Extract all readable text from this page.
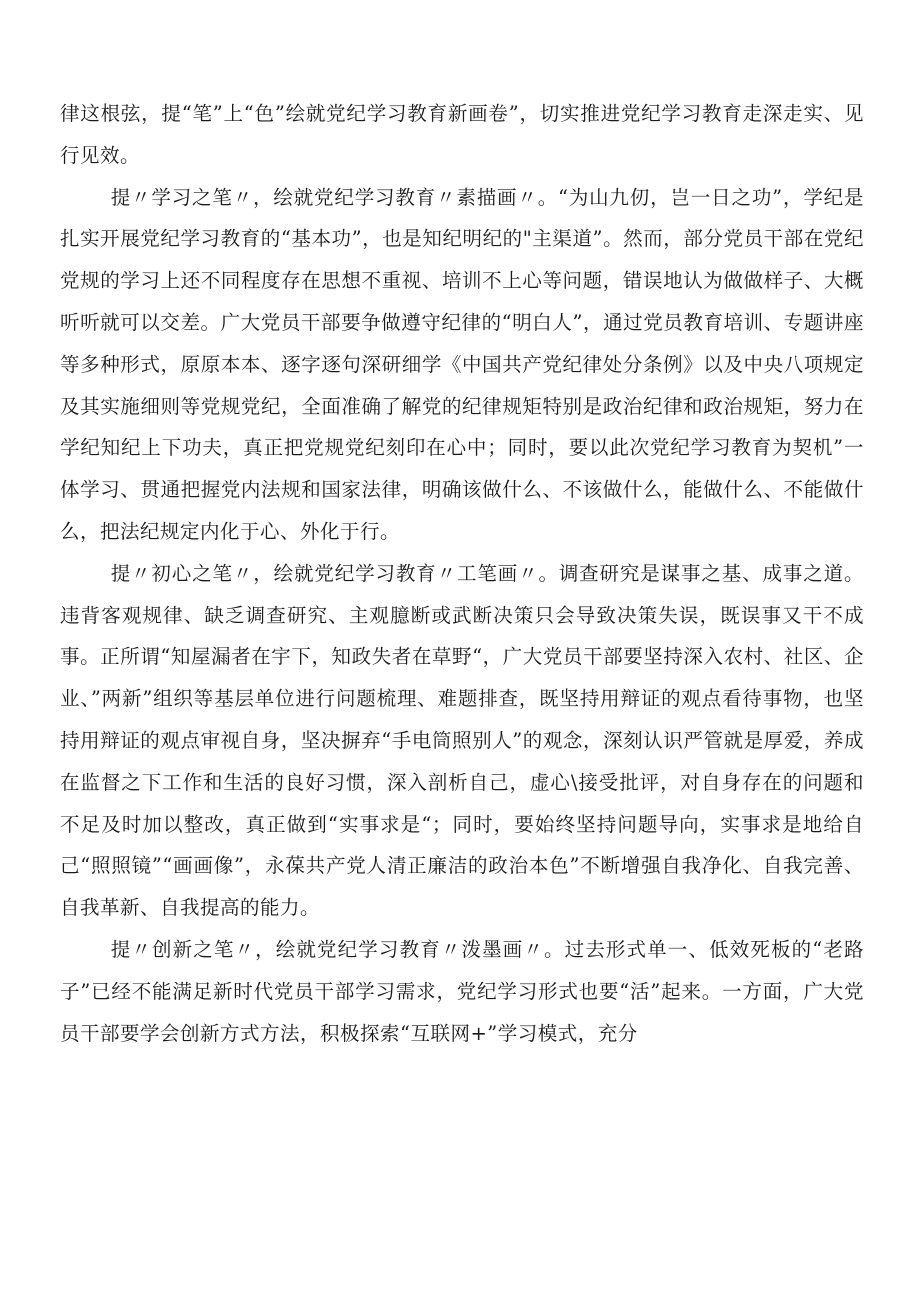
律这根弦，提“笔”上“色”绘就党纪学习教育新画卷”，切实推进党纪学习教育走深走实、见行见效。

提〃学习之笔〃，绘就党纪学习教育〃素描画〃。“为山九仞，岂一日之功”，学纪是扎实开展党纪学习教育的“基本功”，也是知纪明纪的"主渠道”。然而，部分党员干部在党纪党规的学习上还不同程度存在思想不重视、培训不上心等问题，错误地认为做做样子、大概听听就可以交差。广大党员干部要争做遵守纪律的“明白人”，通过党员教育培训、专题讲座等多种形式，原原本本、逐字逐句深研细学《中国共产党纪律处分条例》以及中央八项规定及其实施细则等党规党纪，全面准确了解党的纪律规矩特别是政治纪律和政治规矩，努力在学纪知纪上下功夫，真正把党规党纪刻印在心中；同时，要以此次党纪学习教育为契机”一体学习、贯通把握党内法规和国家法律，明确该做什么、不该做什么，能做什么、不能做什么，把法纪规定内化于心、外化于行。

提〃初心之笔〃，绘就党纪学习教育〃工笔画〃。调查研究是谋事之基、成事之道。违背客观规律、缺乏调查研究、主观臆断或武断决策只会导致决策失误，既误事又干不成事。正所谓“知屋漏者在宇下，知政失者在草野“，广大党员干部要坚持深入农村、社区、企业、”两新”组织等基层单位进行问题梳理、难题排查，既坚持用辩证的观点看待事物，也坚持用辩证的观点审视自身，坚决摒弃“手电筒照别人”的观念，深刻认识严管就是厚爱，养成在监督之下工作和生活的良好习惯，深入剖析自己，虚心\接受批评，对自身存在的问题和不足及时加以整改，真正做到“实事求是“；同时，要始终坚持问题导向，实事求是地给自己“照照镜”“画画像”，永葆共产党人清正廉洁的政治本色”不断增强自我净化、自我完善、自我革新、自我提高的能力。

提〃创新之笔〃，绘就党纪学习教育〃泼墨画〃。过去形式单一、低效死板的“老路子”已经不能满足新时代党员干部学习需求，党纪学习形式也要“活”起来。一方面，广大党员干部要学会创新方式方法，积极探索“互联网+”学习模式，充分
